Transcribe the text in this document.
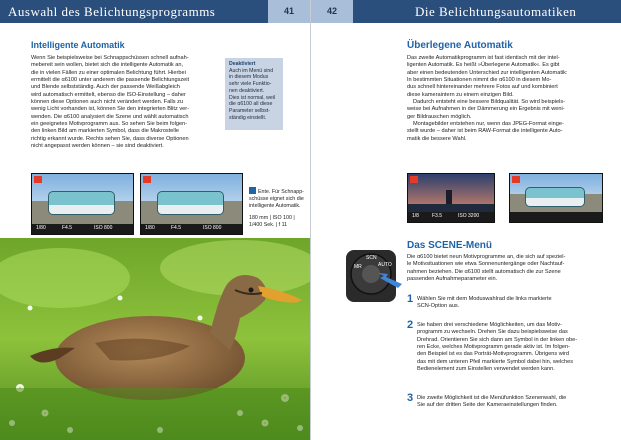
Auswahl des Belichtungsprogramms	41
Intelligente Automatik
Wenn Sie beispielsweise bei Schnappschüssen schnell aufnah-
mebereit sein wollen, bietet sich die intelligente Automatik an,
die in vielen Fällen zu einer optimalen Belichtung führt. Hierbei
ermittelt die α6100 unter anderem die passende Belichtungszeit
und Blende selbstständig. Auch der passende Weißabgleich
wird automatisch ermittelt, ebenso die ISO-Einstellung – daher
können diese Optionen auch nicht verändert werden. Falls zu
wenig Licht vorhanden ist, können Sie den integrierten Blitz ver-
wenden. Die α6100 analysiert die Szene und wählt automatisch
ein geeignetes Motivprogramm aus. So sehen Sie beim folgen-
den linken Bild am markierten Symbol, dass die Makrostelle
richtig erkannt wurde. Rechts sehen Sie, dass diverse Optionen
nicht angepasst werden können – sie sind deaktiviert.
Deaktiviert
Auch im Menü sind
in diesem Modus
sehr viele Funktio-
nen deaktiviert.
Dies ist normal, weil
die α6100 all diese
Parameter selbst-
ständig einstellt.
1/80	F4.5	ISO 800	1/80	F4.5	ISO 800
Ente. Für Schnapp-
schüsse eignet sich die
intelligente Automatik.
180 mm | ISO 100 |
1/400 Sek. | f 11
42	Die Belichtungsautomatiken
Überlegene Automatik
Das zweite Automatikprogramm ist fast identisch mit der intel-
ligenten Automatik. Es heißt »Überlegene Automatik«. Es gibt
aber einen bedeutenden Unterschied zur intelligenten Automatik:
In bestimmten Situationen nimmt die α6100 in diesem Mo-
dus schnell hintereinander mehrere Fotos auf und kombiniert
diese kameraintern zu einem einzigen Bild.
Dadurch entsteht eine bessere Bildqualität. So wird beispiels-
weise bei Aufnahmen in der Dämmerung ein Ergebnis mit weni-
ger Bildrauschen möglich.
Montagebilder entstehen nur, wenn das JPEG-Format einge-
stellt wurde – daher ist beim RAW-Format die intelligente Auto-
matik die bessere Wahl.
1/8	F3.5	ISO 3200
Das SCENE-Menü
Die α6100 bietet neun Motivprogramme an, die sich auf speziel-
le Motivsituationen wie etwa Sonnenuntergänge oder Nachtauf-
nahmen beziehen. Die α6100 stellt automatisch die zur Szene
passenden Aufnahmeparameter ein.
1 Wählen Sie mit dem Moduswahlrad die links markierte
SCN-Option aus.
2 Sie haben drei verschiedene Möglichkeiten, um das Motiv-
programm zu wechseln. Drehen Sie dazu beispielsweise das
Drehrad. Orientieren Sie sich dann am Symbol in der linken obe-
ren Ecke, welches Motivprogramm gerade aktiv ist. Im folgen-
den Beispiel ist es das Porträt-Motivprogramm. Übrigens wird
das mit dem unteren Pfeil markierte Symbol dabei hin, welches
Bedienelement zum Einstellen verwendet werden kann.
3 Die zweite Möglichkeit ist die Menüfunktion Szenenwahl, die
Sie auf der dritten Seite der Kameraeinstellungen finden.
MR
SCN
AUTO
